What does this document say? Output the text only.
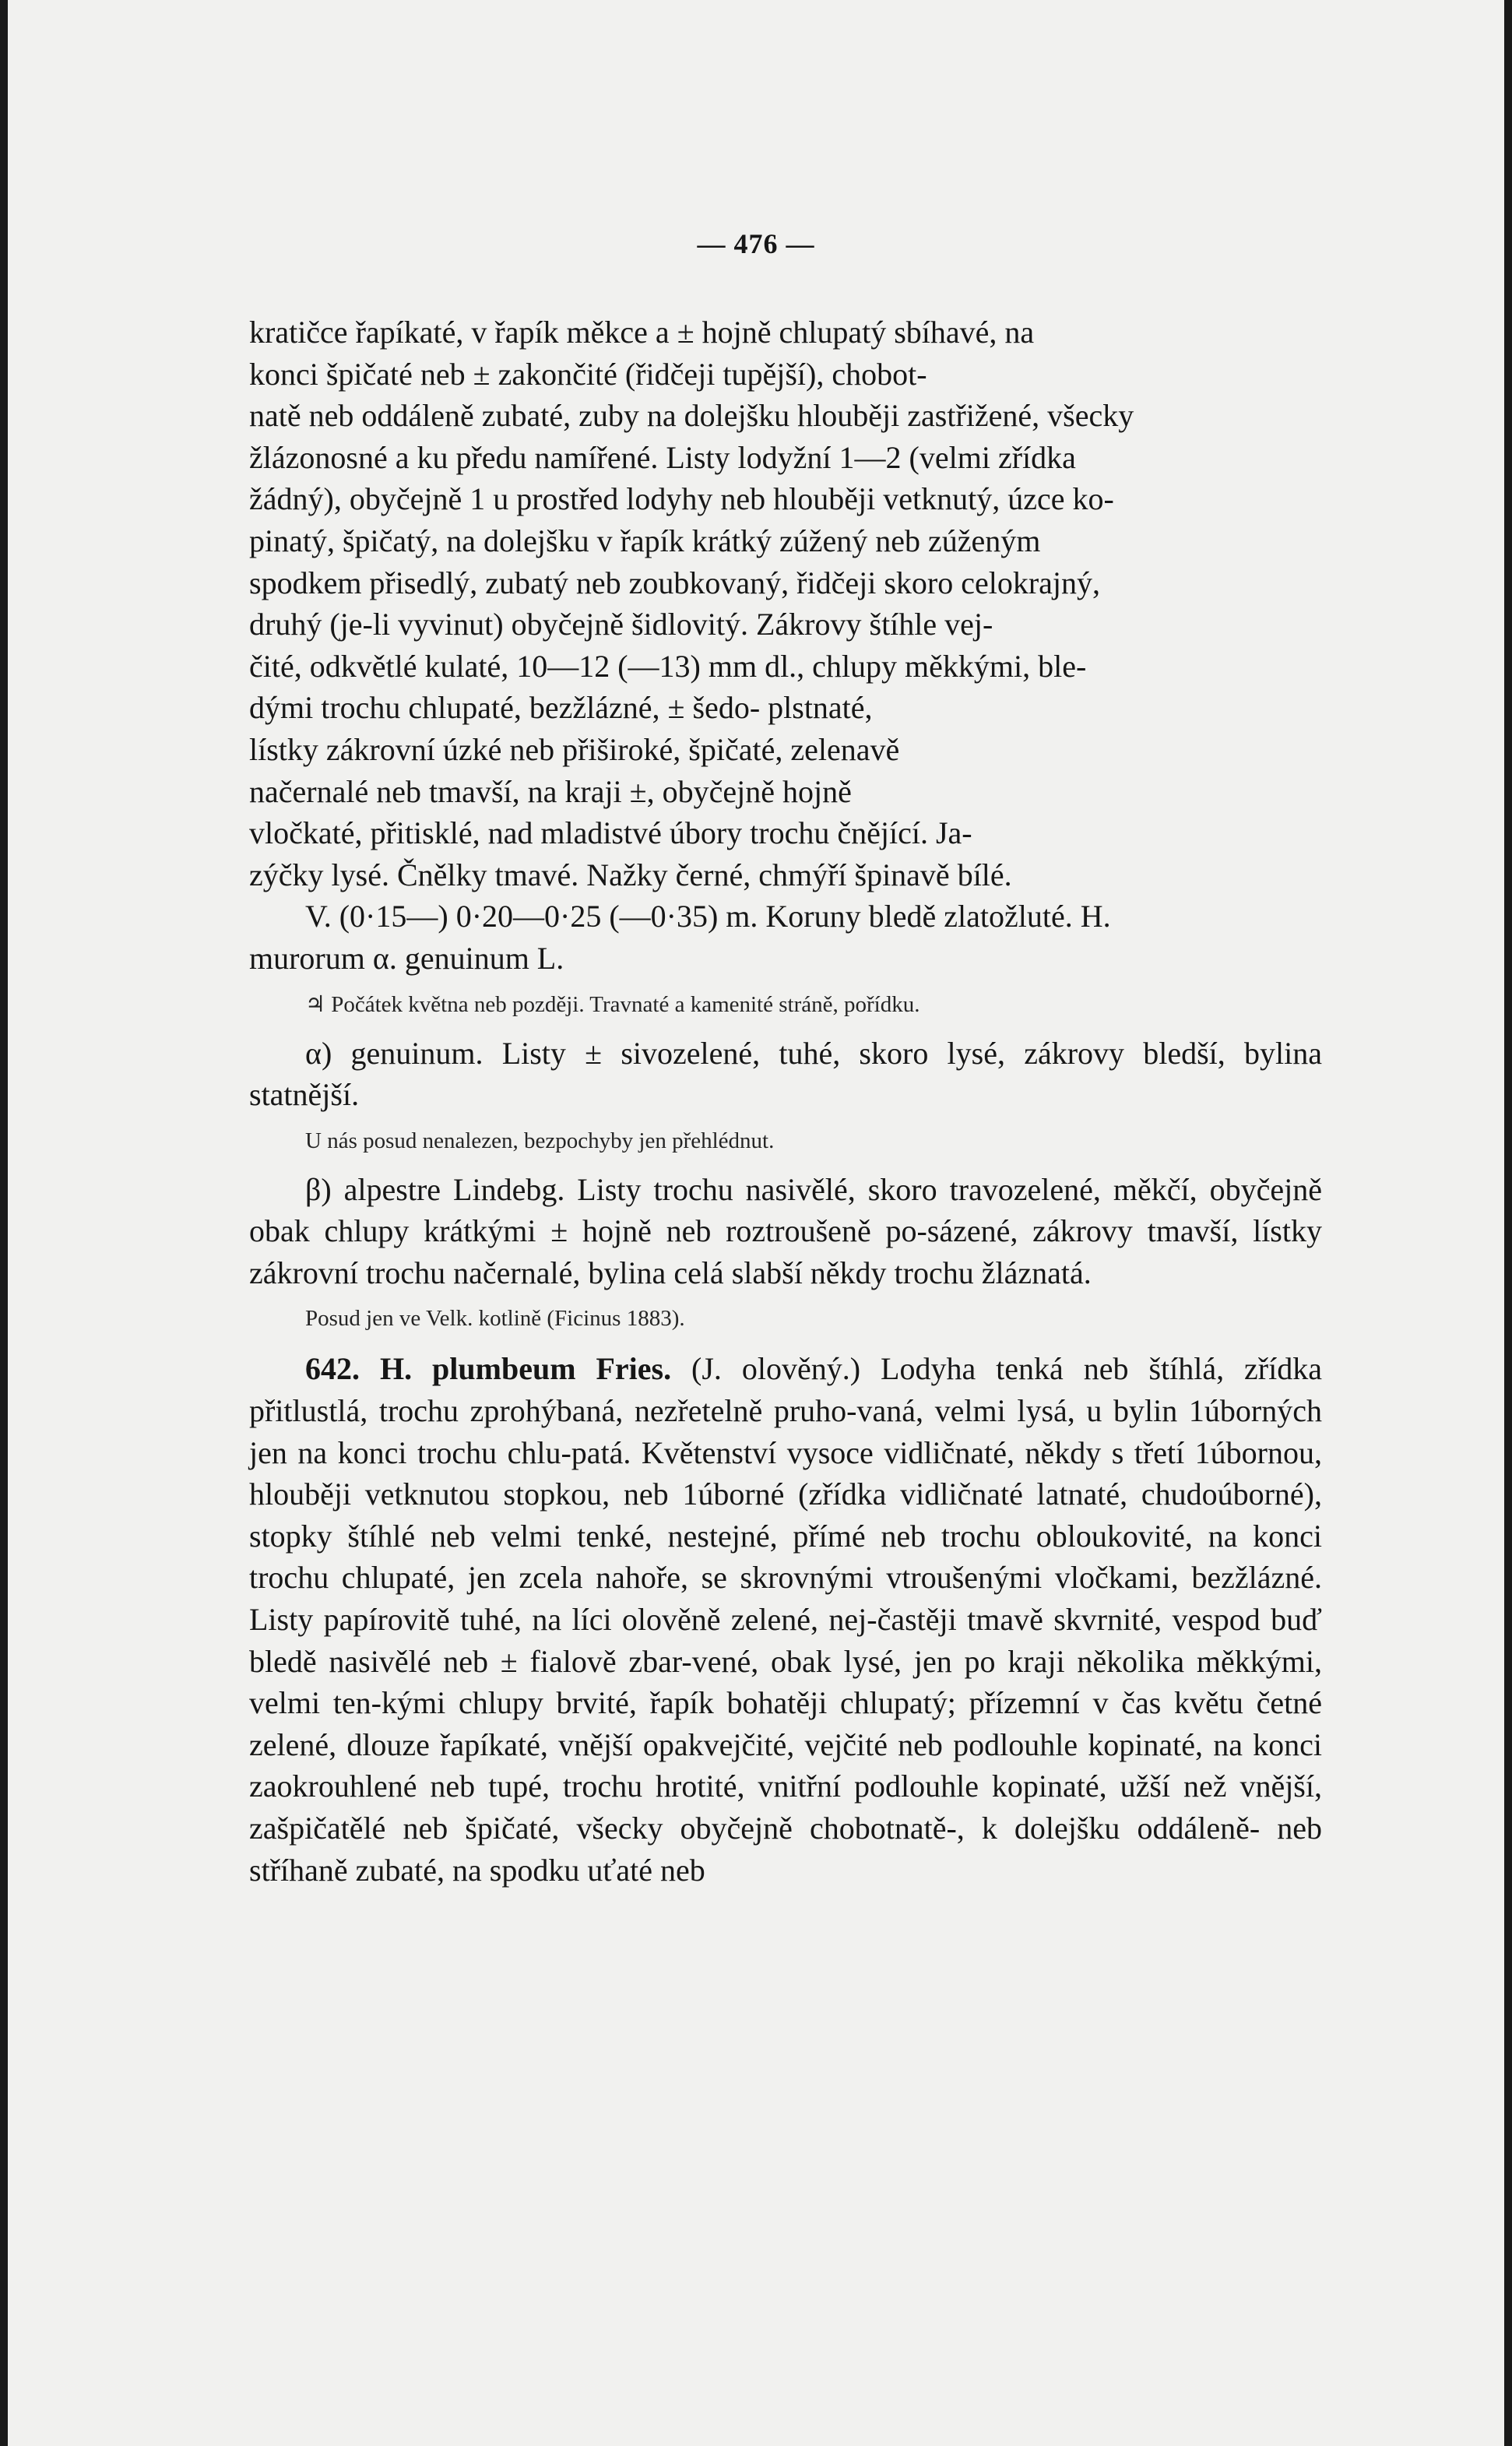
— 476 —
kratičce řapíkaté, v řapík měkce a ± hojně chlupatý sbíhavé, na
konci špičaté neb ± zakončité (řidčeji tupější), chobot-
natě neb oddáleně zubaté, zuby na dolejšku hlouběji zastřižené, všecky
žlázonosné a ku předu namířené. Listy lodyžní 1—2 (velmi zřídka
žádný), obyčejně 1 u prostřed lodyhy neb hlouběji vetknutý, úzce ko-
pinatý, špičatý, na dolejšku v řapík krátký zúžený neb zúženým
spodkem přisedlý, zubatý neb zoubkovaný, řidčeji skoro celokrajný,
druhý (je-li vyvinut) obyčejně šidlovitý. Zákrovy štíhle vej-
čité, odkvětlé kulaté, 10—12 (—13) mm dl., chlupy měkkými, ble-
dými trochu chlupaté, bezžlázné, ± šedo- plstnaté,
lístky zákrovní úzké neb přiširoké, špičaté, zelenavě
načernalé neb tmavší, na kraji ±, obyčejně hojně
vločkaté, přitisklé, nad mladistvé úbory trochu čnějící. Ja-
zýčky lysé. Čnělky tmavé. Nažky černé, chmýří špinavě bílé.
V. (0·15—) 0·20—0·25 (—0·35) m. Koruny bledě zlatožluté. H.
murorum α. genuinum L.
♃ Počátek května neb později. Travnaté a kamenité stráně, pořídku.

α) genuinum. Listy ± sivozelené, tuhé, skoro lysé, zákrovy bledší, bylina statnější.

U nás posud nenalezen, bezpochyby jen přehlédnut.

β) alpestre Lindebg. Listy trochu nasivělé, skoro travozelené, měkčí, obyčejně obak chlupy krátkými ± hojně neb roztroušeně po-sázené, zákrovy tmavší, lístky zákrovní trochu načernalé, bylina celá slabší někdy trochu žláznatá.

Posud jen ve Velk. kotlině (Ficinus 1883).

642. H. plumbeum Fries. (J. olověný.) Lodyha tenká neb štíhlá, zřídka přitlustlá, trochu zprohýbaná, nezřetelně pruho-vaná, velmi lysá, u bylin 1úborných jen na konci trochu chlu-patá. Květenství vysoce vidličnaté, někdy s třetí 1úbornou, hlouběji vetknutou stopkou, neb 1úborné (zřídka vidličnaté latnaté, chudoúborné), stopky štíhlé neb velmi tenké, nestejné, přímé neb trochu obloukovité, na konci trochu chlupaté, jen zcela nahoře, se skrovnými vtroušenými vločkami, bezžlázné. Listy papírovitě tuhé, na líci olověně zelené, nej-častěji tmavě skvrnité, vespod buď bledě nasivělé neb ± fialově zbar-vené, obak lysé, jen po kraji několika měkkými, velmi ten-kými chlupy brvité, řapík bohatěji chlupatý; přízemní v čas květu četné zelené, dlouze řapíkaté, vnější opakvejčité, vejčité neb podlouhle kopinaté, na konci zaokrouhlené neb tupé, trochu hrotité, vnitřní podlouhle kopinaté, užší než vnější, zašpičatělé neb špičaté, všecky obyčejně chobotnatě-, k dolejšku oddáleně- neb stříhaně zubaté, na spodku uťaté neb
